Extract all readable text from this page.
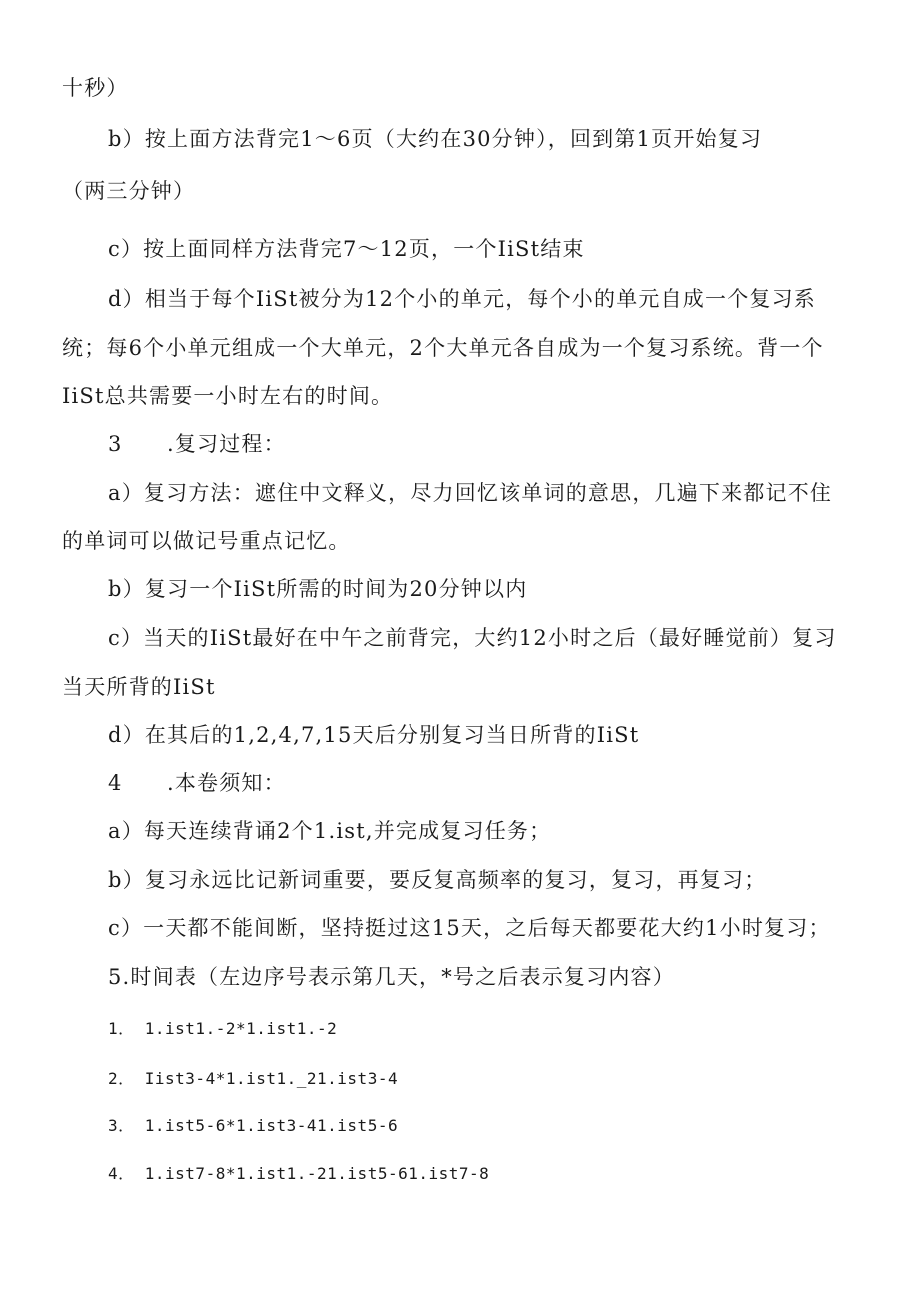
十秒）
b）按上面方法背完1～6页（大约在30分钟），回到第1页开始复习
（两三分钟）
c）按上面同样方法背完7～12页，一个IiSt结束
d）相当于每个IiSt被分为12个小的单元，每个小的单元自成一个复习系
统；每6个小单元组成一个大单元，2个大单元各自成为一个复习系统。背一个
IiSt总共需要一小时左右的时间。
3　　.复习过程：
a）复习方法：遮住中文释义，尽力回忆该单词的意思，几遍下来都记不住
的单词可以做记号重点记忆。
b）复习一个IiSt所需的时间为20分钟以内
c）当天的IiSt最好在中午之前背完，大约12小时之后（最好睡觉前）复习
当天所背的IiSt
d）在其后的1,2,4,7,15天后分别复习当日所背的IiSt
4　　.本卷须知：
a）每天连续背诵2个1.ist,并完成复习任务；
b）复习永远比记新词重要，要反复高频率的复习，复习，再复习；
c）一天都不能间断，坚持挺过这15天，之后每天都要花大约1小时复习；
5.时间表（左边序号表示第几天，*号之后表示复习内容）
1． 1.ist1.-2*1.ist1.-2
2． Iist3-4*1.ist1._21.ist3-4
3． 1.ist5-6*1.ist3-41.ist5-6
4． 1.ist7-8*1.ist1.-21.ist5-61.ist7-8
